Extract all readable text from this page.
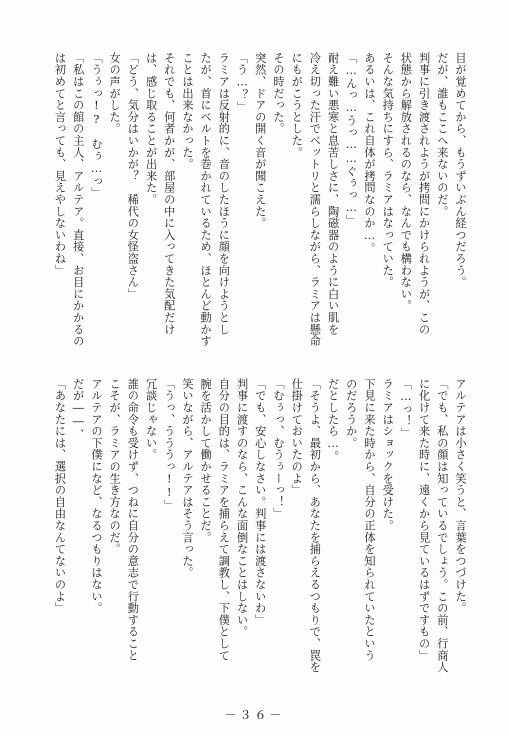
目が覚めてから、もうずいぶん経つだろう。
だが、誰もここへ来ないのだ。
判事に引き渡されようが拷問にかけられようが、この
状態から解放されるのなら、なんでも構わない。
そんな気持ちにすら、ラミアはなっていた。
あるいは、これ自体が拷問なのか…。
「…んっ…うっ……ぐぅっ…」
耐え難い悪寒と息苦しさに、陶磁器のように白い肌を
冷え切った汗でベットリと濡らしながら、ラミアは懸命
にもがこうとした。
その時だった。
突然、ドアの開く音が聞こえた。
「う…？」
ラミアは反射的に、音のしたほうに顔を向けようとし
たが、首にベルトを巻かれているため、ほとんど動かす
ことは出来なかった。
それでも、何者かが、部屋の中に入ってきた気配だけ
は、感じ取ることが出来た。
「どう、気分はいかが？　稀代の女怪盗さん」
女の声がした。
「うぅっ!?　むぅ…っ」
「私はこの館の主人、アルテア。直接、お目にかかるの
は初めてと言っても、見えやしないわね」
アルテアは小さく笑うと、言葉をつづけた。
「でも、私の顔は知っているでしょう。この前、行商人
に化けて来た時に、遠くから見ているはずですもの」
「…っ！」
ラミアはショックを受けた。
下見に来た時から、自分の正体を知られていたという
のだろうか。
だとしたら…。
「そうよ、最初から、あなたを捕らえるつもりで、罠を
仕掛けておいたのよ」
「むぅっ、むうぅーっ！」
「でも、安心しなさい。判事には渡さないわ」
判事に渡すのなら、こんな面倒なことはしない。
自分の目的は、ラミアを捕らえて調教し、下僕として
腕を活かして働かせることだ。
笑いながら、アルテアはそう言った。
「うっ、うううっ!!」
冗談じゃない。
誰の命令も受けず、つねに自分の意志で行動すること
こそが、ラミアの生き方なのだ。
アルテアの下僕になど、なるつもりはない。
だが――、
「あなたには、選択の自由なんてないのよ」
－３６－
